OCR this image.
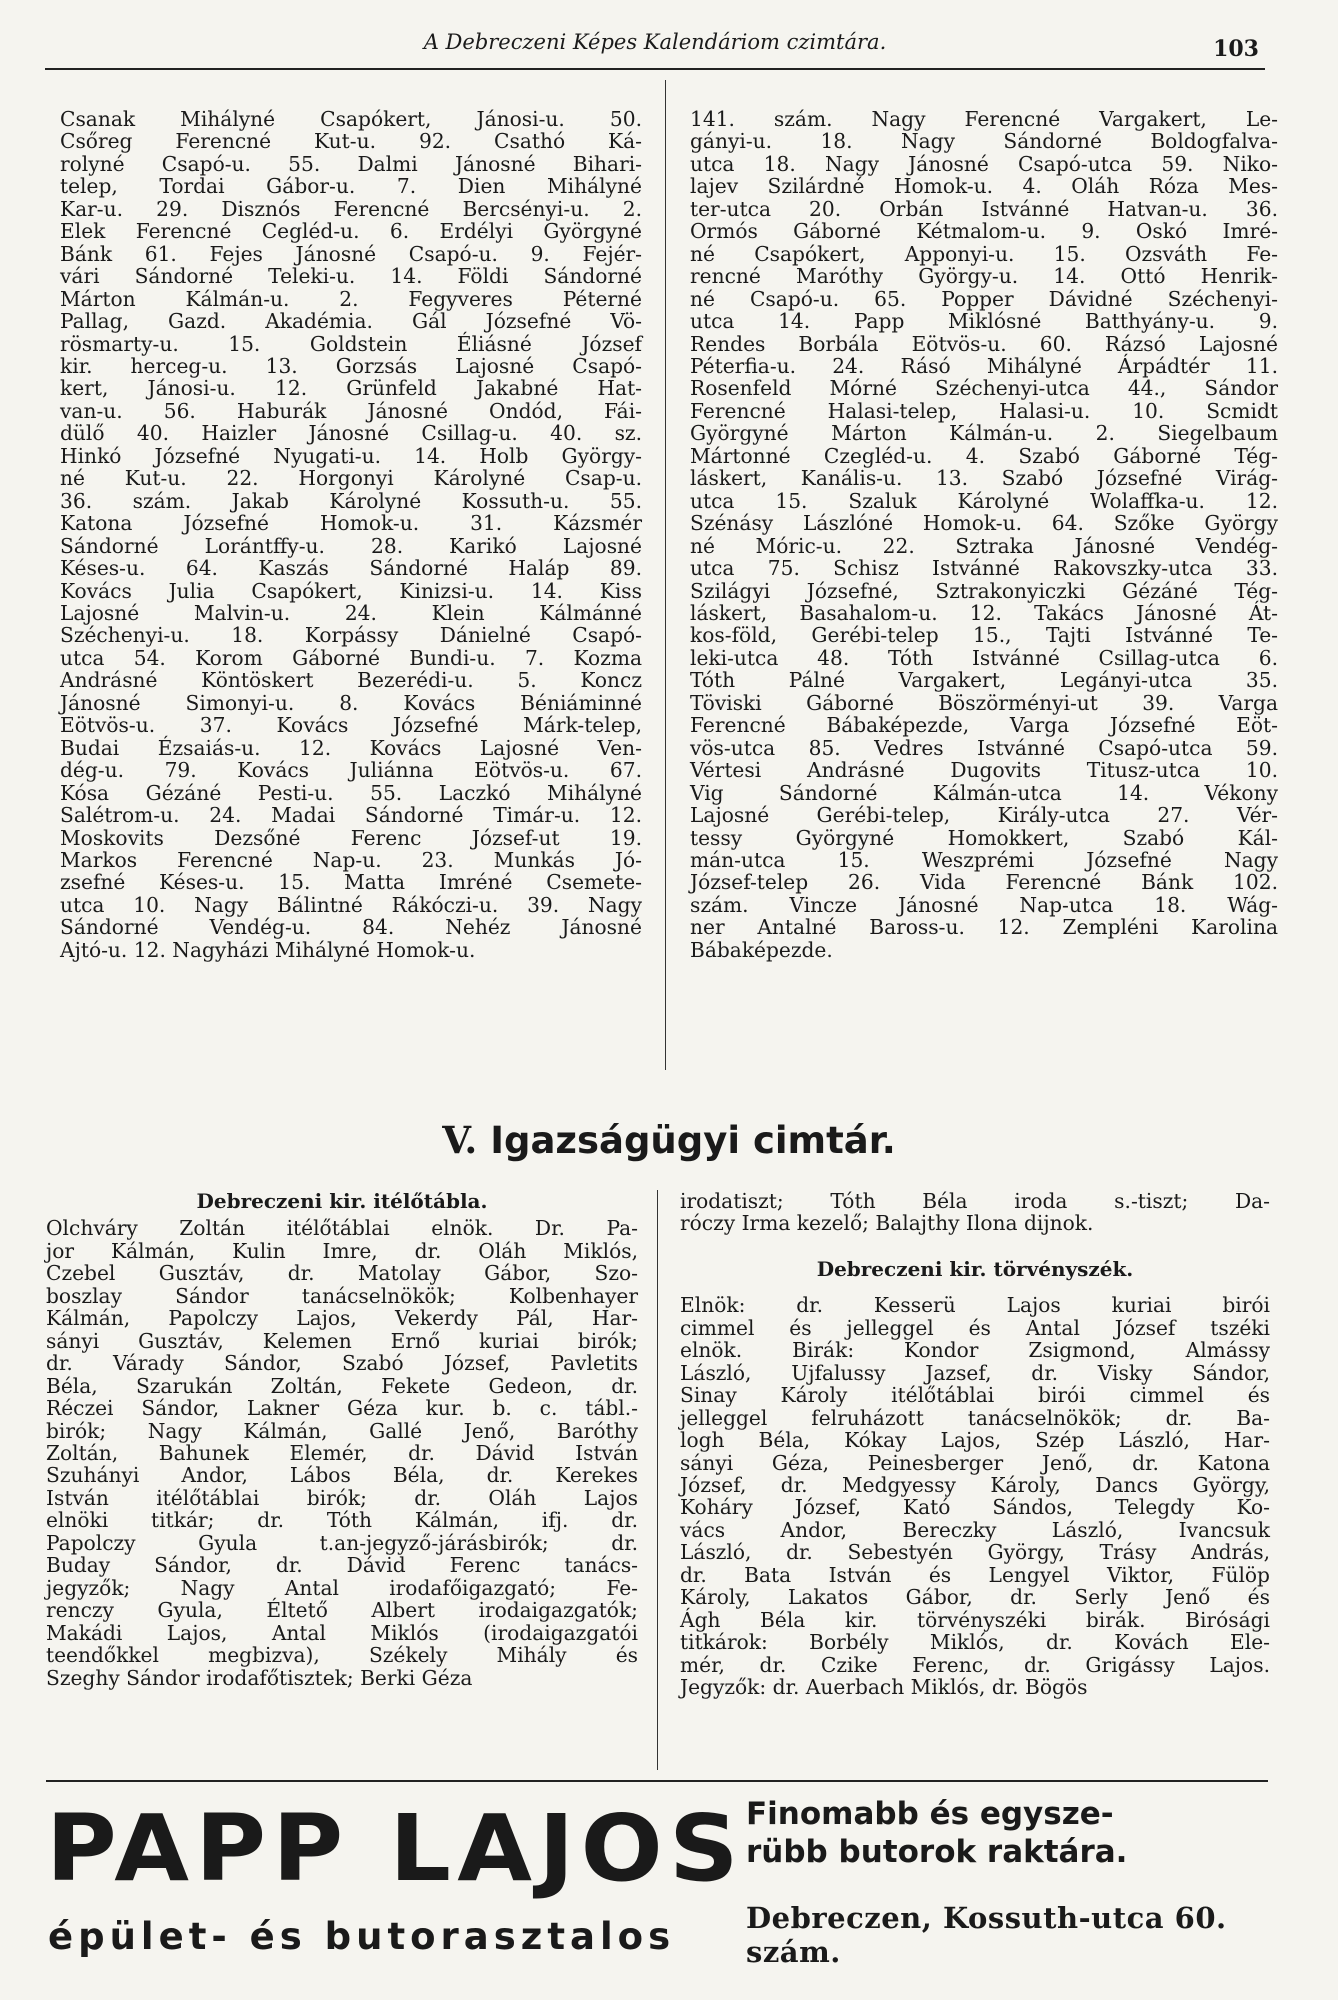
A Debreczeni Képes Kalendáriom czimtára.	103
Csanak Mihályné Csapókert, Jánosi-u. 50.
Csőreg Ferencné Kut-u. 92. Csathó Ká-
rolyné Csapó-u. 55. Dalmi Jánosné Bihari-
telep, Tordai Gábor-u. 7. Dien Mihályné
Kar-u. 29. Disznós Ferencné Bercsényi-u. 2.
Elek Ferencné Cegléd-u. 6. Erdélyi Györgyné
Bánk 61. Fejes Jánosné Csapó-u. 9. Fejér-
vári Sándorné Teleki-u. 14. Földi Sándorné
Márton Kálmán-u. 2. Fegyveres Péterné
Pallag, Gazd. Akadémia. Gál Józsefné Vö-
rösmarty-u. 15. Goldstein Éliásné József
kir. herceg-u. 13. Gorzsás Lajosné Csapó-
kert, Jánosi-u. 12. Grünfeld Jakabné Hat-
van-u. 56. Haburák Jánosné Ondód, Fái-
dülő 40. Haizler Jánosné Csillag-u. 40. sz.
Hinkó Józsefné Nyugati-u. 14. Holb György-
né Kut-u. 22. Horgonyi Károlyné Csap-u.
36. szám. Jakab Károlyné Kossuth-u. 55.
Katona Józsefné Homok-u. 31. Kázsmér
Sándorné Lorántffy-u. 28. Karikó Lajosné
Késes-u. 64. Kaszás Sándorné Haláp 89.
Kovács Julia Csapókert, Kinizsi-u. 14. Kiss
Lajosné Malvin-u. 24. Klein Kálmánné
Széchenyi-u. 18. Korpássy Dánielné Csapó-
utca 54. Korom Gáborné Bundi-u. 7. Kozma
Andrásné Köntöskert Bezerédi-u. 5. Koncz
Jánosné Simonyi-u. 8. Kovács Béniáminné
Eötvös-u. 37. Kovács Józsefné Márk-telep,
Budai Ézsaiás-u. 12. Kovács Lajosné Ven-
dég-u. 79. Kovács Juliánna Eötvös-u. 67.
Kósa Gézáné Pesti-u. 55. Laczkó Mihályné
Salétrom-u. 24. Madai Sándorné Timár-u. 12.
Moskovits Dezsőné Ferenc József-ut 19.
Markos Ferencné Nap-u. 23. Munkás Jó-
zsefné Késes-u. 15. Matta Imréné Csemete-
utca 10. Nagy Bálintné Rákóczi-u. 39. Nagy
Sándorné Vendég-u. 84. Nehéz Jánosné
Ajtó-u. 12. Nagyházi Mihályné Homok-u.
141. szám. Nagy Ferencné Vargakert, Le-
gányi-u. 18. Nagy Sándorné Boldogfalva-
utca 18. Nagy Jánosné Csapó-utca 59. Niko-
lajev Szilárdné Homok-u. 4. Oláh Róza Mes-
ter-utca 20. Orbán Istvánné Hatvan-u. 36.
Ormós Gáborné Kétmalom-u. 9. Oskó Imré-
né Csapókert, Apponyi-u. 15. Ozsváth Fe-
rencné Maróthy György-u. 14. Ottó Henrik-
né Csapó-u. 65. Popper Dávidné Széchenyi-
utca 14. Papp Miklósné Batthyány-u. 9.
Rendes Borbála Eötvös-u. 60. Rázsó Lajosné
Péterfia-u. 24. Rásó Mihályné Árpádtér 11.
Rosenfeld Mórné Széchenyi-utca 44., Sándor
Ferencné Halasi-telep, Halasi-u. 10. Scmidt
Györgyné Márton Kálmán-u. 2. Siegelbaum
Mártonné Czegléd-u. 4. Szabó Gáborné Tég-
láskert, Kanális-u. 13. Szabó Józsefné Virág-
utca 15. Szaluk Károlyné Wolaffka-u. 12.
Szénásy Lászlóné Homok-u. 64. Szőke György
né Móric-u. 22. Sztraka Jánosné Vendég-
utca 75. Schisz Istvánné Rakovszky-utca 33.
Szilágyi Józsefné, Sztrakonyiczki Gézáné Tég-
láskert, Basahalom-u. 12. Takács Jánosné Át-
kos-föld, Gerébi-telep 15., Tajti Istvánné Te-
leki-utca 48. Tóth Istvánné Csillag-utca 6.
Tóth Pálné Vargakert, Legányi-utca 35.
Töviski Gáborné Böszörményi-ut 39. Varga
Ferencné Bábaképezde, Varga Józsefné Eöt-
vös-utca 85. Vedres Istvánné Csapó-utca 59.
Vértesi Andrásné Dugovits Titusz-utca 10.
Vig Sándorné Kálmán-utca 14. Vékony
Lajosné Gerébi-telep, Király-utca 27. Vér-
tessy Györgyné Homokkert, Szabó Kál-
mán-utca 15. Weszprémi Józsefné Nagy
József-telep 26. Vida Ferencné Bánk 102.
szám. Vincze Jánosné Nap-utca 18. Wág-
ner Antalné Baross-u. 12. Zempléni Karolina
Bábaképezde.
V. Igazságügyi cimtár.
Debreczeni kir. itélőtábla.
Olchváry Zoltán itélőtáblai elnök. Dr. Pa-
jor Kálmán, Kulin Imre, dr. Oláh Miklós,
Czebel Gusztáv, dr. Matolay Gábor, Szo-
boszlay Sándor tanácselnökök; Kolbenhayer
Kálmán, Papolczy Lajos, Vekerdy Pál, Har-
sányi Gusztáv, Kelemen Ernő kuriai birók;
dr. Várady Sándor, Szabó József, Pavletits
Béla, Szarukán Zoltán, Fekete Gedeon, dr.
Réczei Sándor, Lakner Géza kur. b. c. tábl.-
birók; Nagy Kálmán, Gallé Jenő, Baróthy
Zoltán, Bahunek Elemér, dr. Dávid István
Szuhányi Andor, Lábos Béla, dr. Kerekes
István itélőtáblai birók; dr. Oláh Lajos
elnöki titkár; dr. Tóth Kálmán, ifj. dr.
Papolczy Gyula t.an-jegyző-járásbirók; dr.
Buday Sándor, dr. Dávid Ferenc tanács-
jegyzők; Nagy Antal irodafőigazgató; Fe-
renczy Gyula, Éltető Albert irodaigazgatók;
Makádi Lajos, Antal Miklós (irodaigazgatói
teendőkkel megbizva), Székely Mihály és
Szeghy Sándor irodafőtisztek; Berki Géza
irodatiszt; Tóth Béla iroda s.-tiszt; Da-
róczy Irma kezelő; Balajthy Ilona dijnok.
Debreczeni kir. törvényszék.
Elnök: dr. Kesserü Lajos kuriai birói
cimmel és jelleggel és Antal József tszéki
elnök. Birák: Kondor Zsigmond, Almássy
László, Ujfalussy Jazsef, dr. Visky Sándor,
Sinay Károly itélőtáblai birói cimmel és
jelleggel felruházott tanácselnökök; dr. Ba-
logh Béla, Kókay Lajos, Szép László, Har-
sányi Géza, Peinesberger Jenő, dr. Katona
József, dr. Medgyessy Károly, Dancs György,
Koháry József, Kató Sándos, Telegdy Ko-
vács Andor, Bereczky László, Ivancsuk
László, dr. Sebestyén György, Trásy András,
dr. Bata István és Lengyel Viktor, Fülöp
Károly, Lakatos Gábor, dr. Serly Jenő és
Ágh Béla kir. törvényszéki birák. Birósági
titkárok: Borbély Miklós, dr. Kovách Ele-
mér, dr. Czike Ferenc, dr. Grigássy Lajos.
Jegyzők: dr. Auerbach Miklós, dr. Bögös
PAPP LAJOS
épület- és butorasztalos
Finomabb és egysze-
rübb butorok raktára.
Debreczen, Kossuth-utca 60. szám.
